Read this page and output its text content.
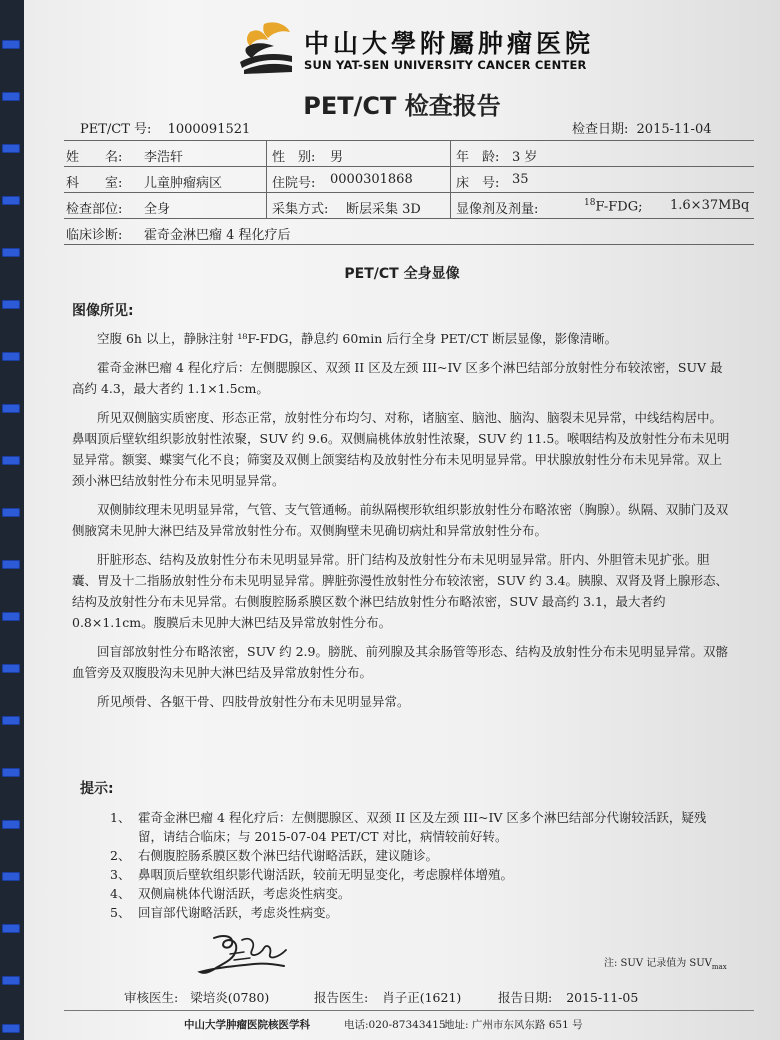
中山大學附屬肿瘤医院
SUN YAT-SEN UNIVERSITY CANCER CENTER
PET/CT 检查报告
PET/CT 号: 1000091521	检查日期: 2015-11-04
姓　　名: 李浩轩	性　别: 男	年　龄: 3 岁
科　　室: 儿童肿瘤病区	住院号: 0000301868	床　号: 35
检查部位: 全身	采集方式: 断层采集 3D	显像剂及剂量:	$^{18}$F-FDG; 1.6×37MBq
临床诊断: 霍奇金淋巴瘤 4 程化疗后
PET/CT 全身显像
图像所见:

空腹 6h 以上，静脉注射 ¹⁸F-FDG，静息约 60min 后行全身 PET/CT 断层显像，影像清晰。

霍奇金淋巴瘤 4 程化疗后：左侧腮腺区、双颈 II 区及左颈 III~IV 区多个淋巴结部分放射性分布较浓密，SUV 最高约 4.3，最大者约 1.1×1.5cm。

所见双侧脑实质密度、形态正常，放射性分布均匀、对称，诸脑室、脑池、脑沟、脑裂未见异常，中线结构居中。鼻咽顶后壁软组织影放射性浓聚，SUV 约 9.6。双侧扁桃体放射性浓聚，SUV 约 11.5。喉咽结构及放射性分布未见明显异常。额窦、蝶窦气化不良；筛窦及双侧上颌窦结构及放射性分布未见明显异常。甲状腺放射性分布未见异常。双上颈小淋巴结放射性分布未见明显异常。

双侧肺纹理未见明显异常，气管、支气管通畅。前纵隔楔形软组织影放射性分布略浓密（胸腺）。纵隔、双肺门及双侧腋窝未见肿大淋巴结及异常放射性分布。双侧胸壁未见确切病灶和异常放射性分布。

肝脏形态、结构及放射性分布未见明显异常。肝门结构及放射性分布未见明显异常。肝内、外胆管未见扩张。胆囊、胃及十二指肠放射性分布未见明显异常。脾脏弥漫性放射性分布较浓密，SUV 约 3.4。胰腺、双肾及肾上腺形态、结构及放射性分布未见异常。右侧腹腔肠系膜区数个淋巴结放射性分布略浓密，SUV 最高约 3.1，最大者约 0.8×1.1cm。腹膜后未见肿大淋巴结及异常放射性分布。

回盲部放射性分布略浓密，SUV 约 2.9。膀胱、前列腺及其余肠管等形态、结构及放射性分布未见明显异常。双髂血管旁及双腹股沟未见肿大淋巴结及异常放射性分布。

所见颅骨、各躯干骨、四肢骨放射性分布未见明显异常。

提示:
1、 霍奇金淋巴瘤 4 程化疗后：左侧腮腺区、双颈 II 区及左颈 III~IV 区多个淋巴结部分代谢较活跃，疑残留，请结合临床；与 2015-07-04 PET/CT 对比，病情较前好转。
2、 右侧腹腔肠系膜区数个淋巴结代谢略活跃，建议随诊。
3、 鼻咽顶后壁软组织影代谢活跃，较前无明显变化，考虑腺样体增殖。
4、 双侧扁桃体代谢活跃，考虑炎性病变。
5、 回盲部代谢略活跃，考虑炎性病变。
注: SUV 记录值为 $SUV_{max}$
审核医生: 梁培炎(0780)	报告医生: 肖子正(1621)	报告日期: 2015-11-05
中山大学肿瘤医院核医学科	电话:020-87343415
地址: 广州市东风东路 651 号
